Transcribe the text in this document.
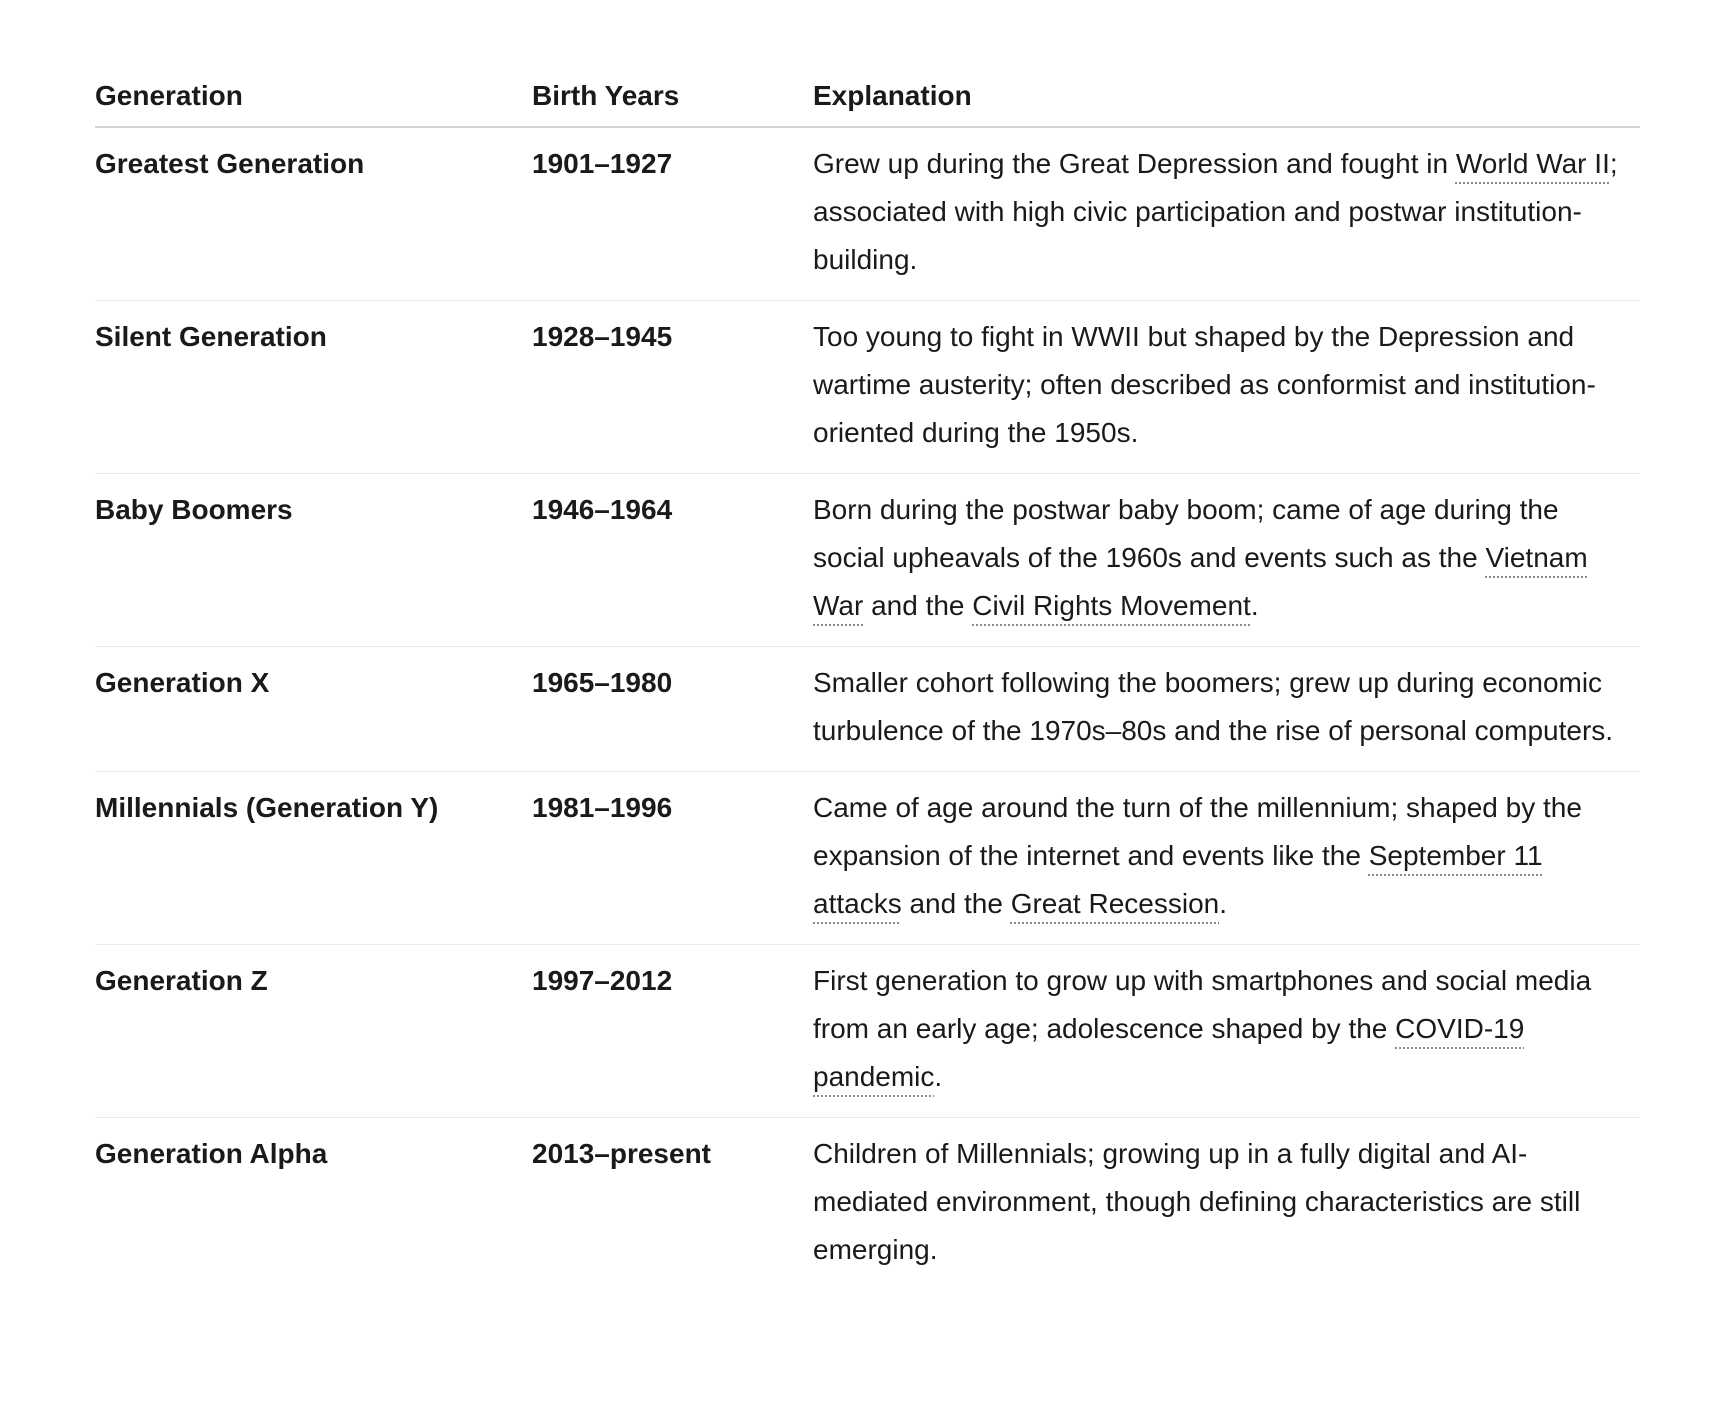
Generation	Birth Years	Explanation
Greatest Generation	1901–1927	Grew up during the Great Depression and fought in World War II; associated with high civic participation and postwar institution-building.
Silent Generation	1928–1945	Too young to fight in WWII but shaped by the Depression and wartime austerity; often described as conformist and institution-oriented during the 1950s.
Baby Boomers	1946–1964	Born during the postwar baby boom; came of age during the social upheavals of the 1960s and events such as the Vietnam War and the Civil Rights Movement.
Generation X	1965–1980	Smaller cohort following the boomers; grew up during economic turbulence of the 1970s–80s and the rise of personal computers.
Millennials (Generation Y)	1981–1996	Came of age around the turn of the millennium; shaped by the expansion of the internet and events like the September 11 attacks and the Great Recession.
Generation Z	1997–2012	First generation to grow up with smartphones and social media from an early age; adolescence shaped by the COVID-19 pandemic.
Generation Alpha	2013–present	Children of Millennials; growing up in a fully digital and AI-mediated environment, though defining characteristics are still emerging.
